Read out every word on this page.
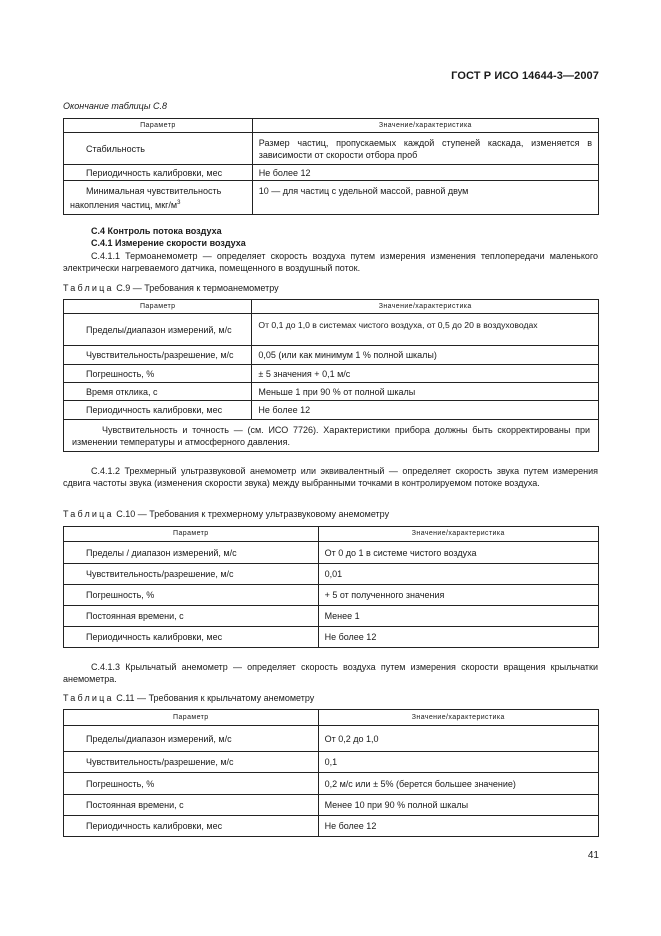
ГОСТ Р ИСО 14644-3—2007
Окончание таблицы С.8
Параметр	Значение/характеристика
Стабильность	Размер частиц, пропускаемых каждой ступеней каскада, изменяется в зависимости от скорости отбора проб
Периодичность калибровки, мес	Не более 12
Минимальная чувствительность
накопления частиц, мкг/$м^3$	10 — для частиц с удельной массой, равной двум
С.4 Контроль потока воздуха
С.4.1 Измерение скорости воздуха
С.4.1.1 Термоанемометр — определяет скорость воздуха путем измерения изменения теплопередачи маленького электрически нагреваемого датчика, помещенного в воздушный поток.
Таблица С.9 — Требования к термоанемометру
Параметр	Значение/характеристика
Пределы/диапазон измерений, м/с	От 0,1 до 1,0 в системах чистого воздуха, от 0,5 до 20 в воздуховодах
Чувствительность/разрешение, м/с	0,05 (или как минимум 1 % полной шкалы)
Погрешность, %	± 5 значения + 0,1 м/с
Время отклика, с	Меньше 1 при 90 % от полной шкалы
Периодичность калибровки, мес	Не более 12
Чувствительность и точность — (см. ИСО 7726). Характеристики прибора должны быть скорректированы при изменении температуры и атмосферного давления.	
С.4.1.2 Трехмерный ультразвуковой анемометр или эквивалентный — определяет скорость звука путем измерения сдвига частоты звука (изменения скорости звука) между выбранными точками в контролируемом потоке воздуха.
Таблица С.10 — Требования к трехмерному ультразвуковому анемометру
Параметр	Значение/характеристика
Пределы / диапазон измерений, м/с	От 0 до 1 в системе чистого воздуха
Чувствительность/разрешение, м/с	0,01
Погрешность, %	+ 5 от полученного значения
Постоянная времени, с	Менее 1
Периодичность калибровки, мес	Не более 12
С.4.1.3 Крыльчатый анемометр — определяет скорость воздуха путем измерения скорости вращения крыльчатки анемометра.
Таблица С.11 — Требования к крыльчатому анемометру
Параметр	Значение/характеристика
Пределы/диапазон измерений, м/с	От 0,2 до 1,0
Чувствительность/разрешение, м/с	0,1
Погрешность, %	0,2 м/с или ± 5% (берется большее значение)
Постоянная времени, с	Менее 10 при 90 % полной шкалы
Периодичность калибровки, мес	Не более 12
41
